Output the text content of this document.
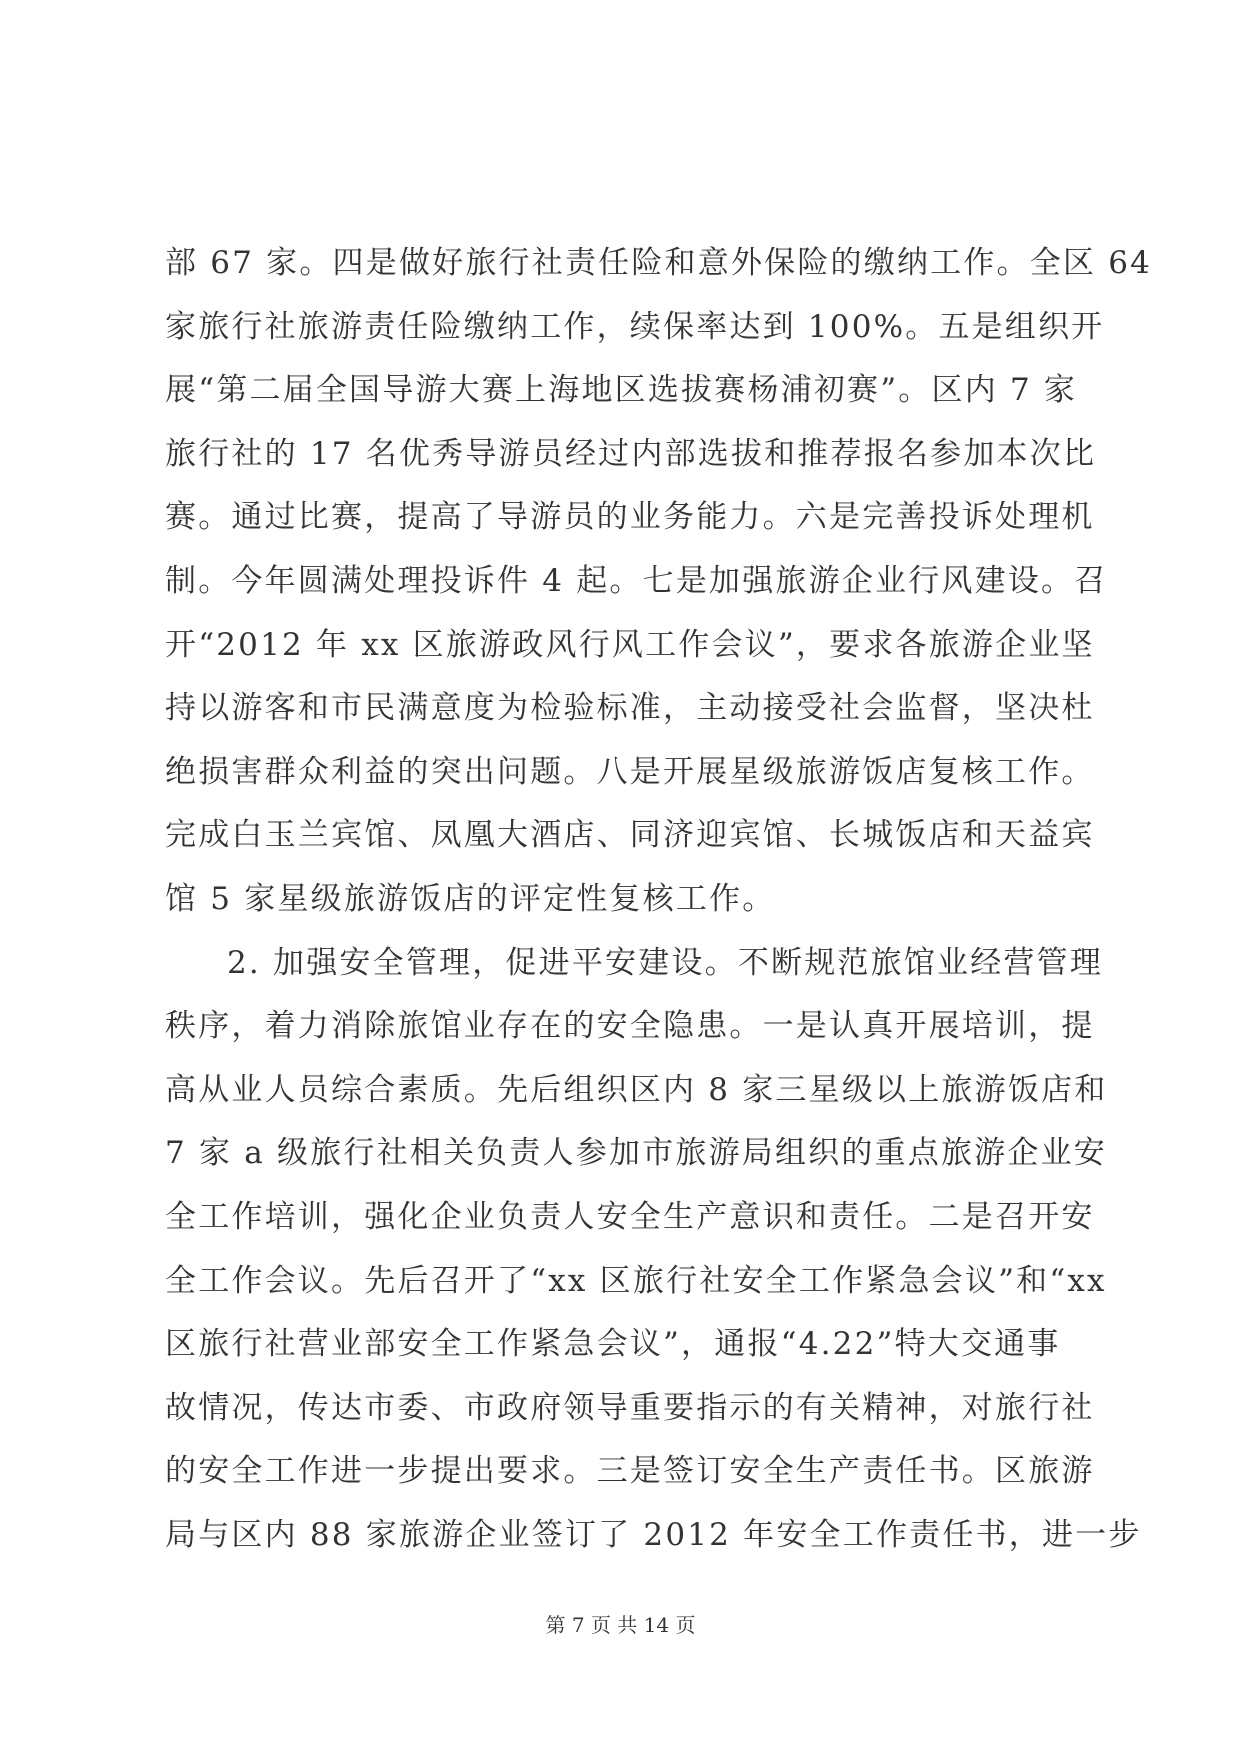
部 67 家。四是做好旅行社责任险和意外保险的缴纳工作。全区 64
家旅行社旅游责任险缴纳工作，续保率达到 100%。五是组织开
展“第二届全国导游大赛上海地区选拔赛杨浦初赛”。区内 7 家
旅行社的 17 名优秀导游员经过内部选拔和推荐报名参加本次比
赛。通过比赛，提高了导游员的业务能力。六是完善投诉处理机
制。今年圆满处理投诉件 4 起。七是加强旅游企业行风建设。召
开“2012 年 xx 区旅游政风行风工作会议”，要求各旅游企业坚
持以游客和市民满意度为检验标准，主动接受社会监督，坚决杜
绝损害群众利益的突出问题。八是开展星级旅游饭店复核工作。
完成白玉兰宾馆、凤凰大酒店、同济迎宾馆、长城饭店和天益宾
馆 5 家星级旅游饭店的评定性复核工作。
2. 加强安全管理，促进平安建设。不断规范旅馆业经营管理
秩序，着力消除旅馆业存在的安全隐患。一是认真开展培训，提
高从业人员综合素质。先后组织区内 8 家三星级以上旅游饭店和
7 家 a 级旅行社相关负责人参加市旅游局组织的重点旅游企业安
全工作培训，强化企业负责人安全生产意识和责任。二是召开安
全工作会议。先后召开了“xx 区旅行社安全工作紧急会议”和“xx
区旅行社营业部安全工作紧急会议”，通报“4.22”特大交通事
故情况，传达市委、市政府领导重要指示的有关精神，对旅行社
的安全工作进一步提出要求。三是签订安全生产责任书。区旅游
局与区内 88 家旅游企业签订了 2012 年安全工作责任书，进一步
第 7 页 共 14 页
